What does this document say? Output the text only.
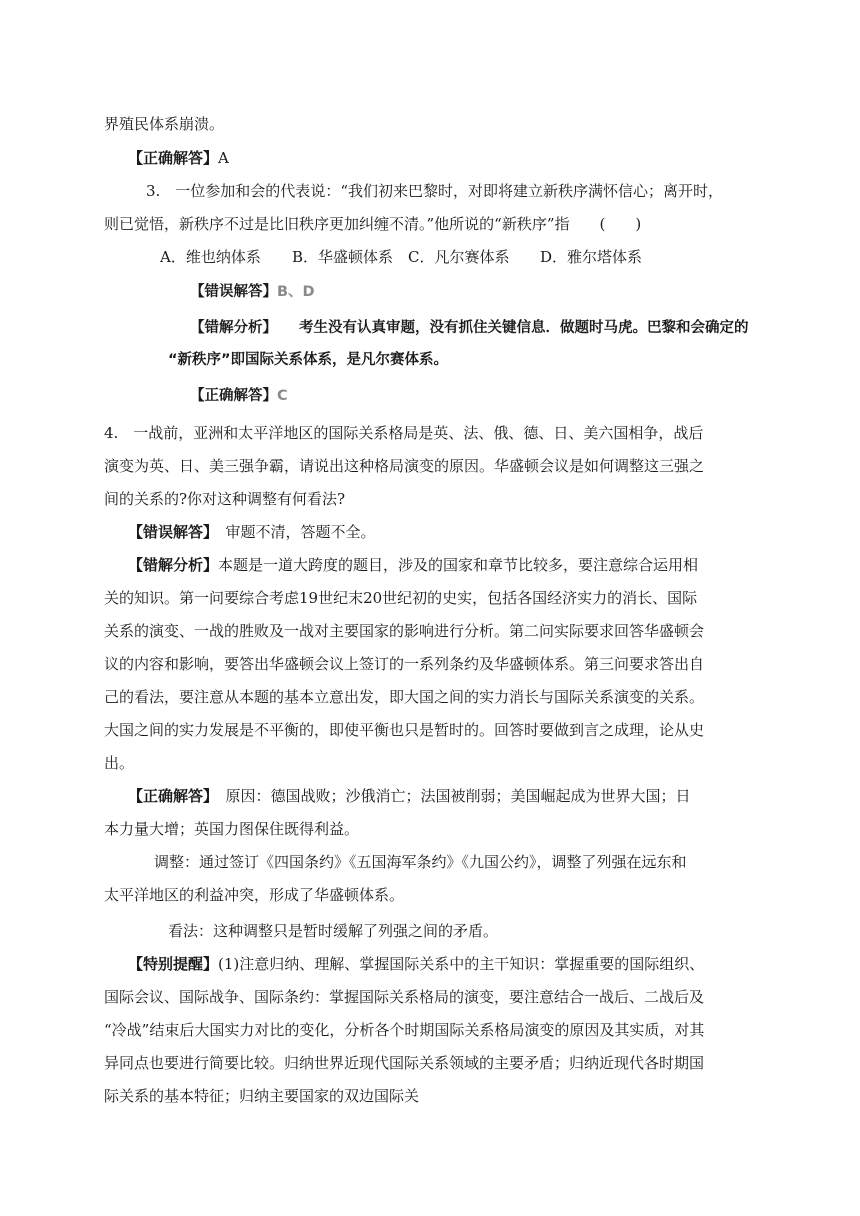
界殖民体系崩溃。
【正确解答】A
3.　一位参加和会的代表说：“我们初来巴黎时，对即将建立新秩序满怀信心；离开时，
则已觉悟，新秩序不过是比旧秩序更加纠缠不清。”他所说的“新秩序”指　　(　　)
A．维也纳体系 B．华盛顿体系 C．凡尔赛体系 D．雅尔塔体系
【错误解答】B、D
【错解分析】 考生没有认真审题，没有抓住关键信息．做题时马虎。巴黎和会确定的
“新秩序”即国际关系体系，是凡尔赛体系。
【正确解答】C
4.　一战前，亚洲和太平洋地区的国际关系格局是英、法、俄、德、日、美六国相争，战后
演变为英、日、美三强争霸，请说出这种格局演变的原因。华盛顿会议是如何调整这三强之
间的关系的?你对这种调整有何看法?
【错误解答】　审题不清，答题不全。
【错解分析】本题是一道大跨度的题目，涉及的国家和章节比较多，要注意综合运用相
关的知识。第一问要综合考虑19世纪末20世纪初的史实，包括各国经济实力的消长、国际
关系的演变、一战的胜败及一战对主要国家的影响进行分析。第二问实际要求回答华盛顿会
议的内容和影响，要答出华盛顿会议上签订的一系列条约及华盛顿体系。第三问要求答出自
己的看法，要注意从本题的基本立意出发，即大国之间的实力消长与国际关系演变的关系。
大国之间的实力发展是不平衡的，即使平衡也只是暂时的。回答时要做到言之成理，论从史
出。
【正确解答】　原因：德国战败；沙俄消亡；法国被削弱；美国崛起成为世界大国；日
本力量大增；英国力图保住既得利益。
调整：通过签订《四国条约》《五国海军条约》《九国公约》，调整了列强在远东和
太平洋地区的利益冲突，形成了华盛顿体系。
看法：这种调整只是暂时缓解了列强之间的矛盾。
【特别提醒】(1)注意归纳、理解、掌握国际关系中的主干知识：掌握重要的国际组织、
国际会议、国际战争、国际条约：掌握国际关系格局的演变，要注意结合一战后、二战后及
“冷战”结束后大国实力对比的变化，分析各个时期国际关系格局演变的原因及其实质，对其
异同点也要进行简要比较。归纳世界近现代国际关系领域的主要矛盾；归纳近现代各时期国
际关系的基本特征；归纳主要国家的双边国际关
